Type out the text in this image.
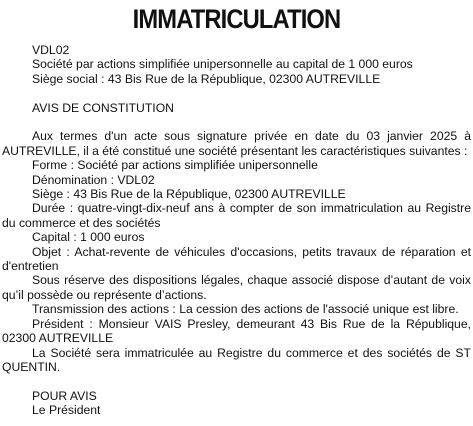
IMMATRICULATION
VDL02
Société par actions simplifiée unipersonnelle au capital de 1 000 euros
Siège social : 43 Bis Rue de la République, 02300 AUTREVILLE
AVIS DE CONSTITUTION
Aux termes d'un acte sous signature privée en date du 03 janvier 2025 à AUTREVILLE, il a été constitué une société présentant les caractéristiques suivantes :
Forme : Société par actions simplifiée unipersonnelle
Dénomination : VDL02
Siège : 43 Bis Rue de la République, 02300 AUTREVILLE
Durée : quatre-vingt-dix-neuf ans à compter de son immatriculation au Registre du commerce et des sociétés
Capital : 1 000 euros
Objet : Achat-revente de véhicules d'occasions, petits travaux de réparation et d'entretien
Sous réserve des dispositions légales, chaque associé dispose d’autant de voix qu’il possède ou représente d’actions.
Transmission des actions : La cession des actions de l'associé unique est libre.
Président : Monsieur VAIS Presley, demeurant 43 Bis Rue de la République, 02300 AUTREVILLE
La Société sera immatriculée au Registre du commerce et des sociétés de ST QUENTIN.
POUR AVIS
Le Président
